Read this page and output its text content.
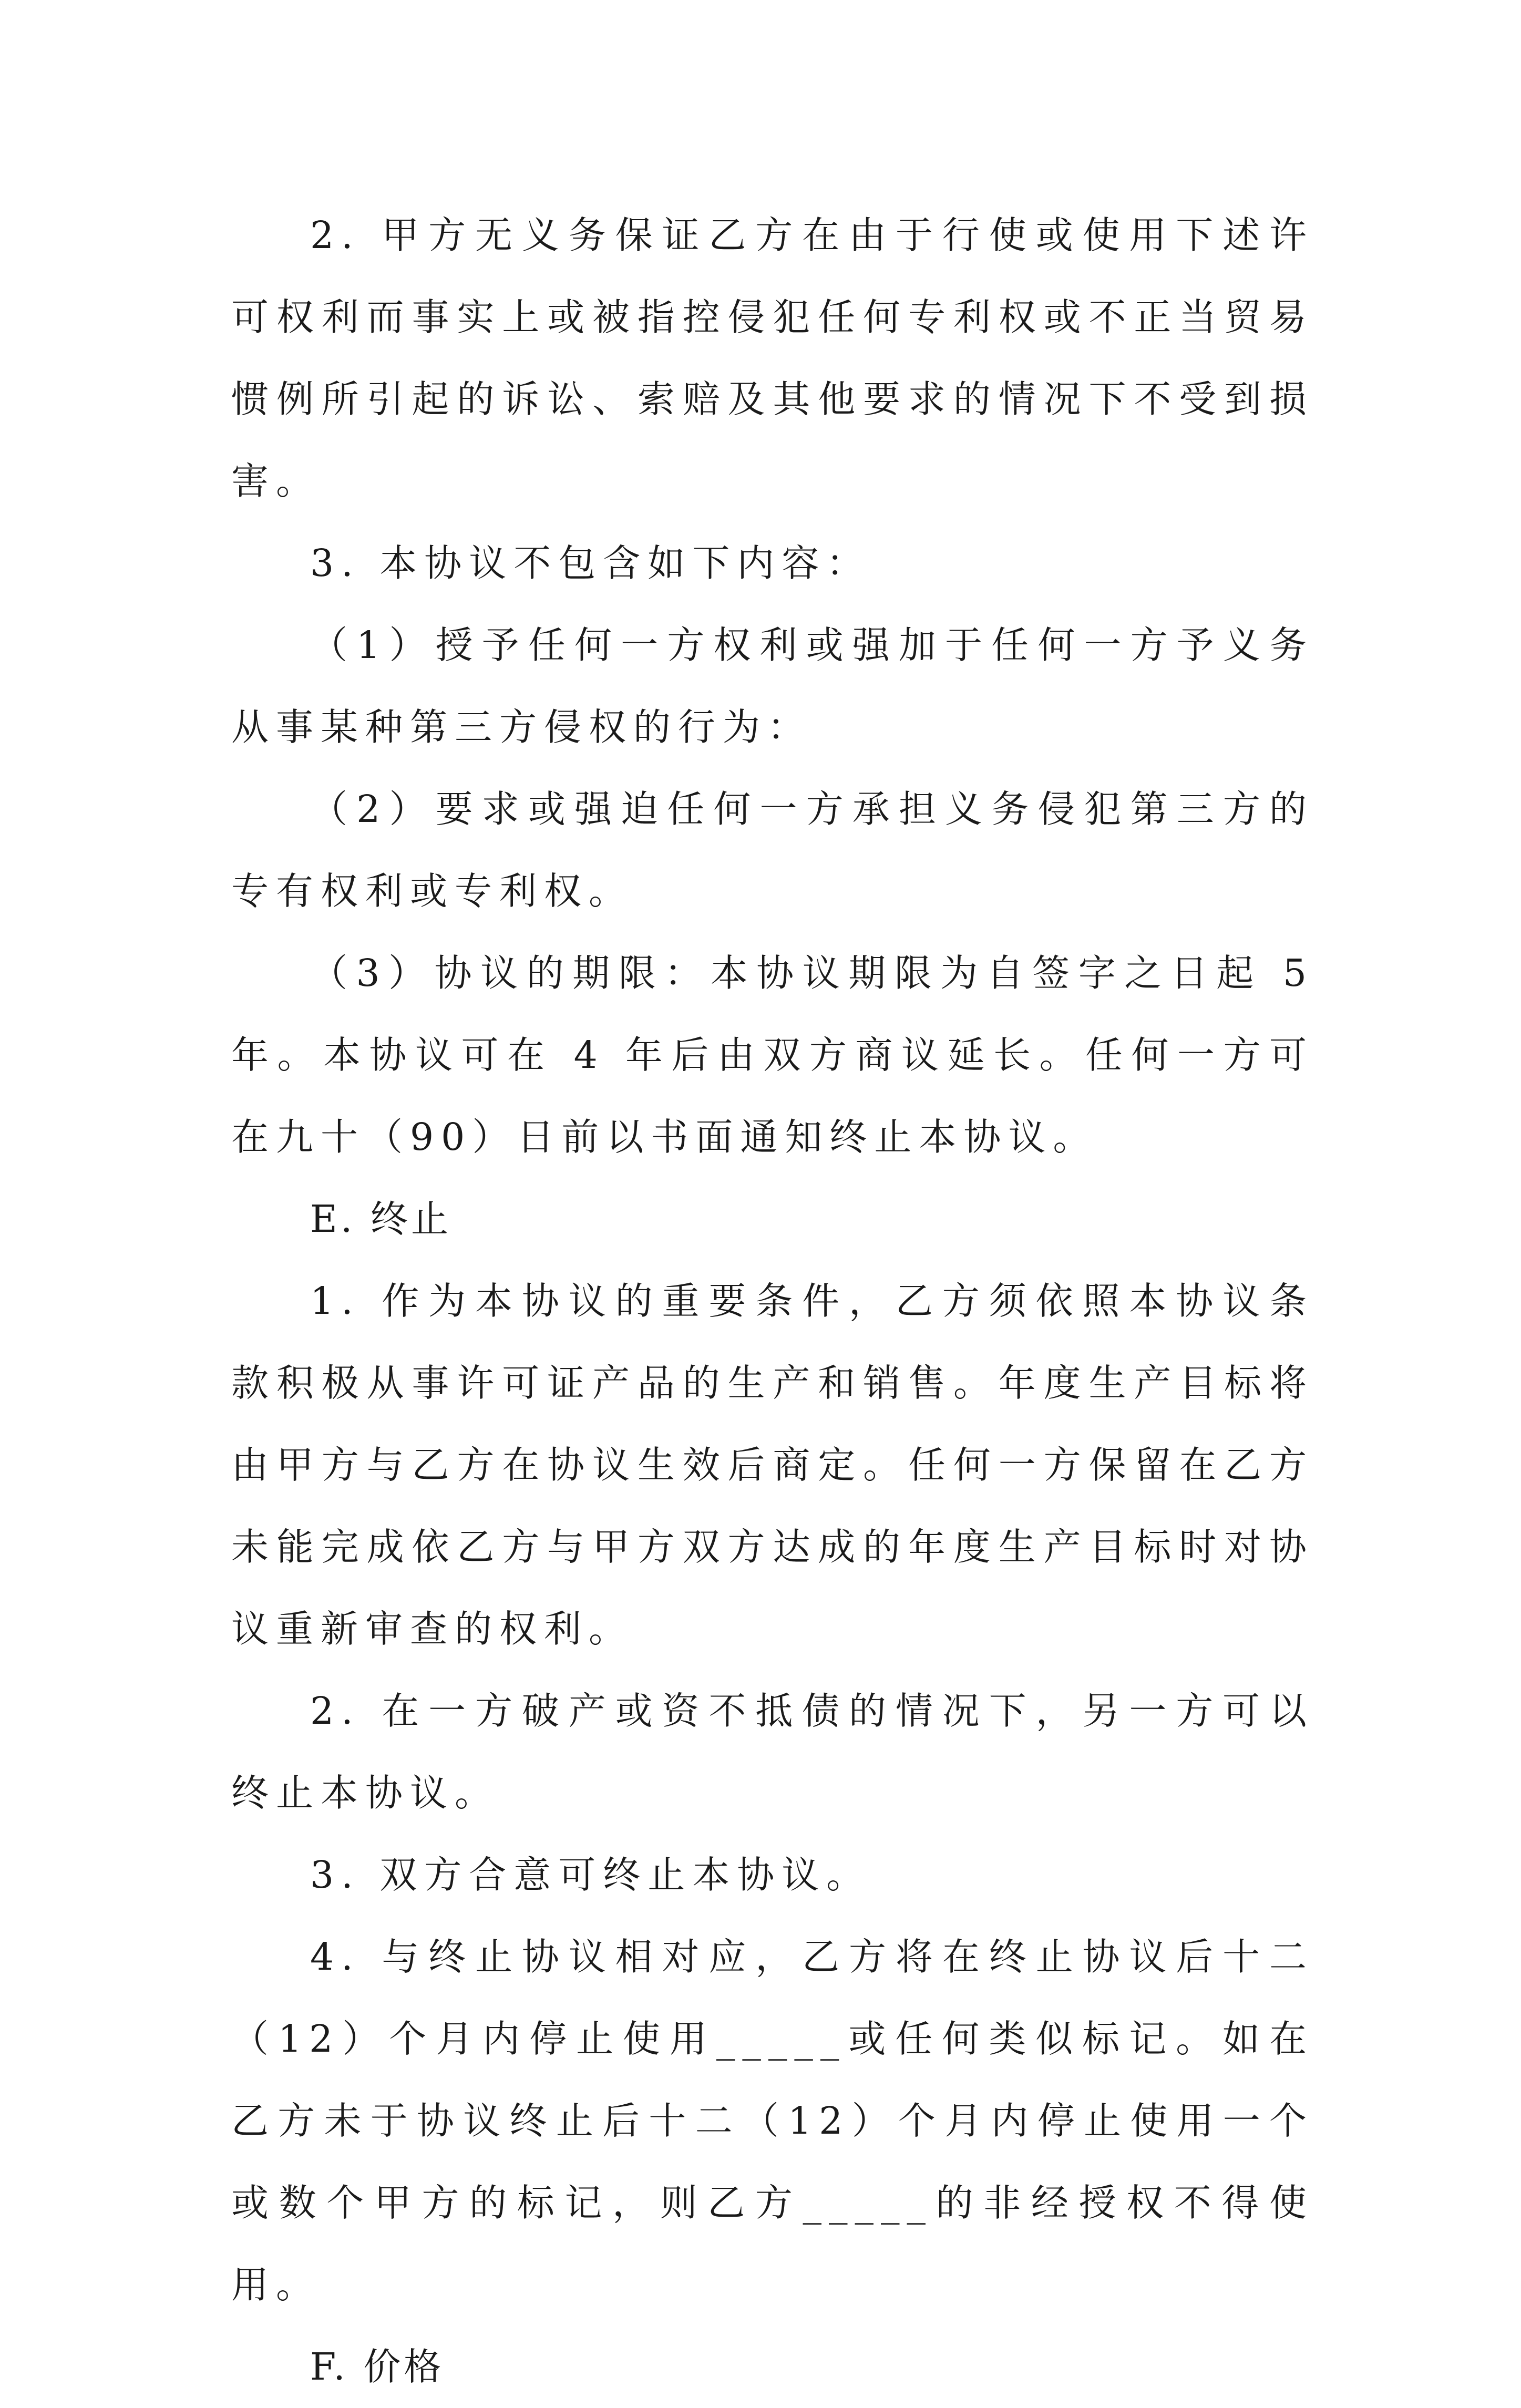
2. 甲方无义务保证乙方在由于行使或使用下述许可权利而事实上或被指控侵犯任何专利权或不正当贸易惯例所引起的诉讼、索赔及其他要求的情况下不受到损害。

3. 本协议不包含如下内容：

（1）授予任何一方权利或强加于任何一方予义务从事某种第三方侵权的行为：

（2）要求或强迫任何一方承担义务侵犯第三方的专有权利或专利权。

（3）协议的期限：本协议期限为自签字之日起 5 年。本协议可在 4 年后由双方商议延长。任何一方可在九十（90）日前以书面通知终止本协议。

E. 终止

1. 作为本协议的重要条件，乙方须依照本协议条款积极从事许可证产品的生产和销售。年度生产目标将由甲方与乙方在协议生效后商定。任何一方保留在乙方未能完成依乙方与甲方双方达成的年度生产目标时对协议重新审查的权利。

2. 在一方破产或资不抵债的情况下，另一方可以终止本协议。

3. 双方合意可终止本协议。

4. 与终止协议相对应，乙方将在终止协议后十二（12）个月内停止使用_____或任何类似标记。如在乙方未于协议终止后十二（12）个月内停止使用一个或数个甲方的标记，则乙方_____的非经授权不得使用。

F. 价格
